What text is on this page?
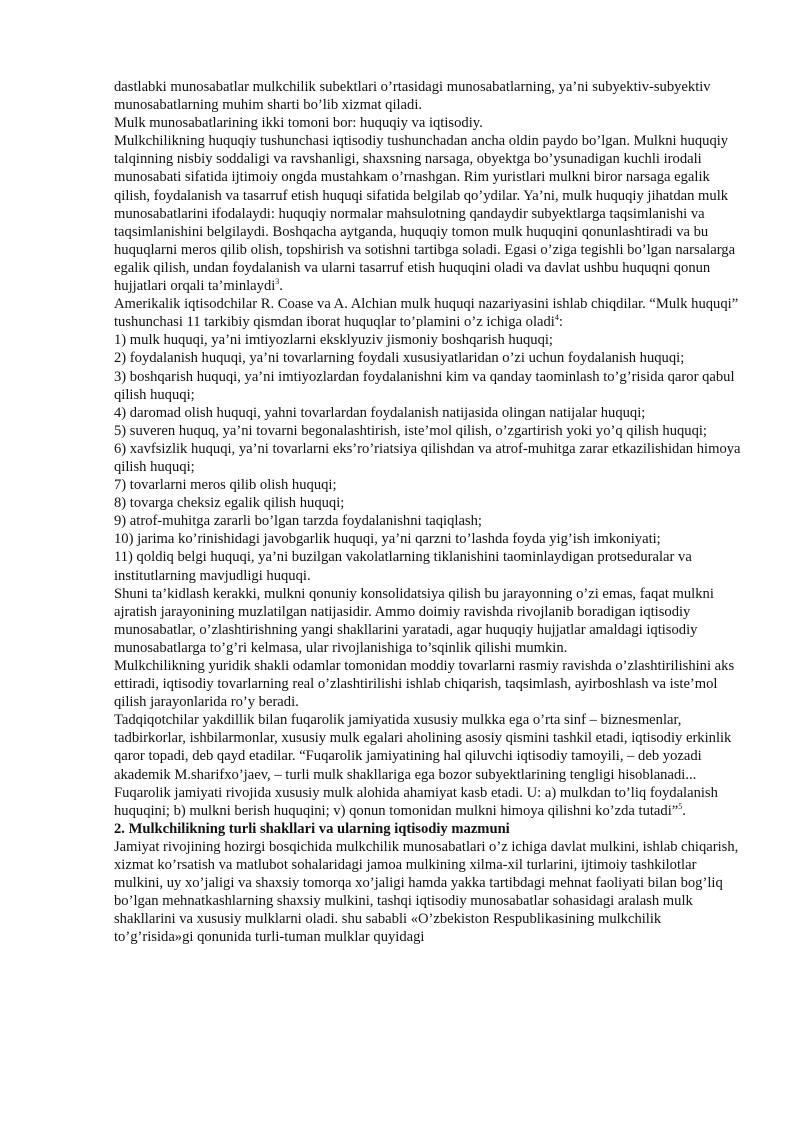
dastlabki munosabatlar mulkchilik subektlari o’rtasidagi munosabatlarning, ya’ni subyektiv-subyektiv munosabatlarning muhim sharti bo’lib xizmat qiladi.

Mulk munosabatlarining ikki tomoni bor: huquqiy va iqtisodiy.

Mulkchilikning huquqiy tushunchasi iqtisodiy tushunchadan ancha oldin paydo bo’lgan. Mulkni huquqiy talqinning nisbiy soddaligi va ravshanligi, shaxsning narsaga, obyektga bo’ysunadigan kuchli irodali munosabati sifatida ijtimoiy ongda mustahkam o’rnashgan. Rim yuristlari mulkni biror narsaga egalik qilish, foydalanish va tasarruf etish huquqi sifatida belgilab qo’ydilar. Ya’ni, mulk huquqiy jihatdan mulk munosabatlarini ifodalaydi: huquqiy normalar mahsulotning qandaydir subyektlarga taqsimlanishi va taqsimlanishini belgilaydi. Boshqacha aytganda, huquqiy tomon mulk huquqini qonunlashtiradi va bu huquqlarni meros qilib olish, topshirish va sotishni tartibga soladi. Egasi o’ziga tegishli bo’lgan narsalarga egalik qilish, undan foydalanish va ularni tasarruf etish huquqini oladi va davlat ushbu huquqni qonun hujjatlari orqali ta’minlaydi$^3$.

Amerikalik iqtisodchilar R. Coase va A. Alchian mulk huquqi nazariyasini ishlab chiqdilar. “Mulk huquqi” tushunchasi 11 tarkibiy qismdan iborat huquqlar to’plamini o’z ichiga oladi$^4$:

1) mulk huquqi, ya’ni imtiyozlarni eksklyuziv jismoniy boshqarish huquqi;

2) foydalanish huquqi, ya’ni tovarlarning foydali xususiyatlaridan o’zi uchun foydalanish huquqi;

3) boshqarish huquqi, ya’ni imtiyozlardan foydalanishni kim va qanday taominlash to’g’risida qaror qabul qilish huquqi;

4) daromad olish huquqi, yahni tovarlardan foydalanish natijasida olingan natijalar huquqi;

5) suveren huquq, ya’ni tovarni begonalashtirish, iste’mol qilish, o’zgartirish yoki yo’q qilish huquqi;

6) xavfsizlik huquqi, ya’ni tovarlarni eks’ro’riatsiya qilishdan va atrof-muhitga zarar etkazilishidan himoya qilish huquqi;

7) tovarlarni meros qilib olish huquqi;

8) tovarga cheksiz egalik qilish huquqi;

9) atrof-muhitga zararli bo’lgan tarzda foydalanishni taqiqlash;

10) jarima ko’rinishidagi javobgarlik huquqi, ya’ni qarzni to’lashda foyda yig’ish imkoniyati;

11) qoldiq belgi huquqi, ya’ni buzilgan vakolatlarning tiklanishini taominlaydigan protseduralar va institutlarning mavjudligi huquqi.

Shuni ta’kidlash kerakki, mulkni qonuniy konsolidatsiya qilish bu jarayonning o’zi emas, faqat mulkni ajratish jarayonining muzlatilgan natijasidir. Ammo doimiy ravishda rivojlanib boradigan iqtisodiy munosabatlar, o’zlashtirishning yangi shakllarini yaratadi, agar huquqiy hujjatlar amaldagi iqtisodiy munosabatlarga to’g’ri kelmasa, ular rivojlanishiga to’sqinlik qilishi mumkin.

Mulkchilikning yuridik shakli odamlar tomonidan moddiy tovarlarni rasmiy ravishda o’zlashtirilishini aks ettiradi, iqtisodiy tovarlarning real o’zlashtirilishi ishlab chiqarish, taqsimlash, ayirboshlash va iste’mol qilish jarayonlarida ro’y beradi.

Tadqiqotchilar yakdillik bilan fuqarolik jamiyatida xususiy mulkka ega o’rta sinf – biznesmenlar, tadbirkorlar, ishbilarmonlar, xususiy mulk egalari aholining asosiy qismini tashkil etadi, iqtisodiy erkinlik qaror topadi, deb qayd etadilar. “Fuqarolik jamiyatining hal qiluvchi iqtisodiy tamoyili, – deb yozadi akademik M.sharifxo’jaev, – turli mulk shakllariga ega bozor subyektlarining tengligi hisoblanadi... Fuqarolik jamiyati rivojida xususiy mulk alohida ahamiyat kasb etadi. U: a) mulkdan to’liq foydalanish huquqini; b) mulkni berish huquqini; v) qonun tomonidan mulkni himoya qilishni ko’zda tutadi”$^5$.

2. Mulkchilikning turli shakllari va ularning iqtisodiy mazmuni

Jamiyat rivojining hozirgi bosqichida mulkchilik munosabatlari o’z ichiga davlat mulkini, ishlab chiqarish, xizmat ko’rsatish va matlubot sohalaridagi jamoa mulkining xilma-xil turlarini, ijtimoiy tashkilotlar mulkini, uy xo’jaligi va shaxsiy tomorqa xo’jaligi hamda yakka tartibdagi mehnat faoliyati bilan bog’liq bo’lgan mehnatkashlarning shaxsiy mulkini, tashqi iqtisodiy munosabatlar sohasidagi aralash mulk shakllarini va xususiy mulklarni oladi. shu sababli «O’zbekiston Respublikasining mulkchilik to’g’risida»gi qonunida turli-tuman mulklar quyidagi
